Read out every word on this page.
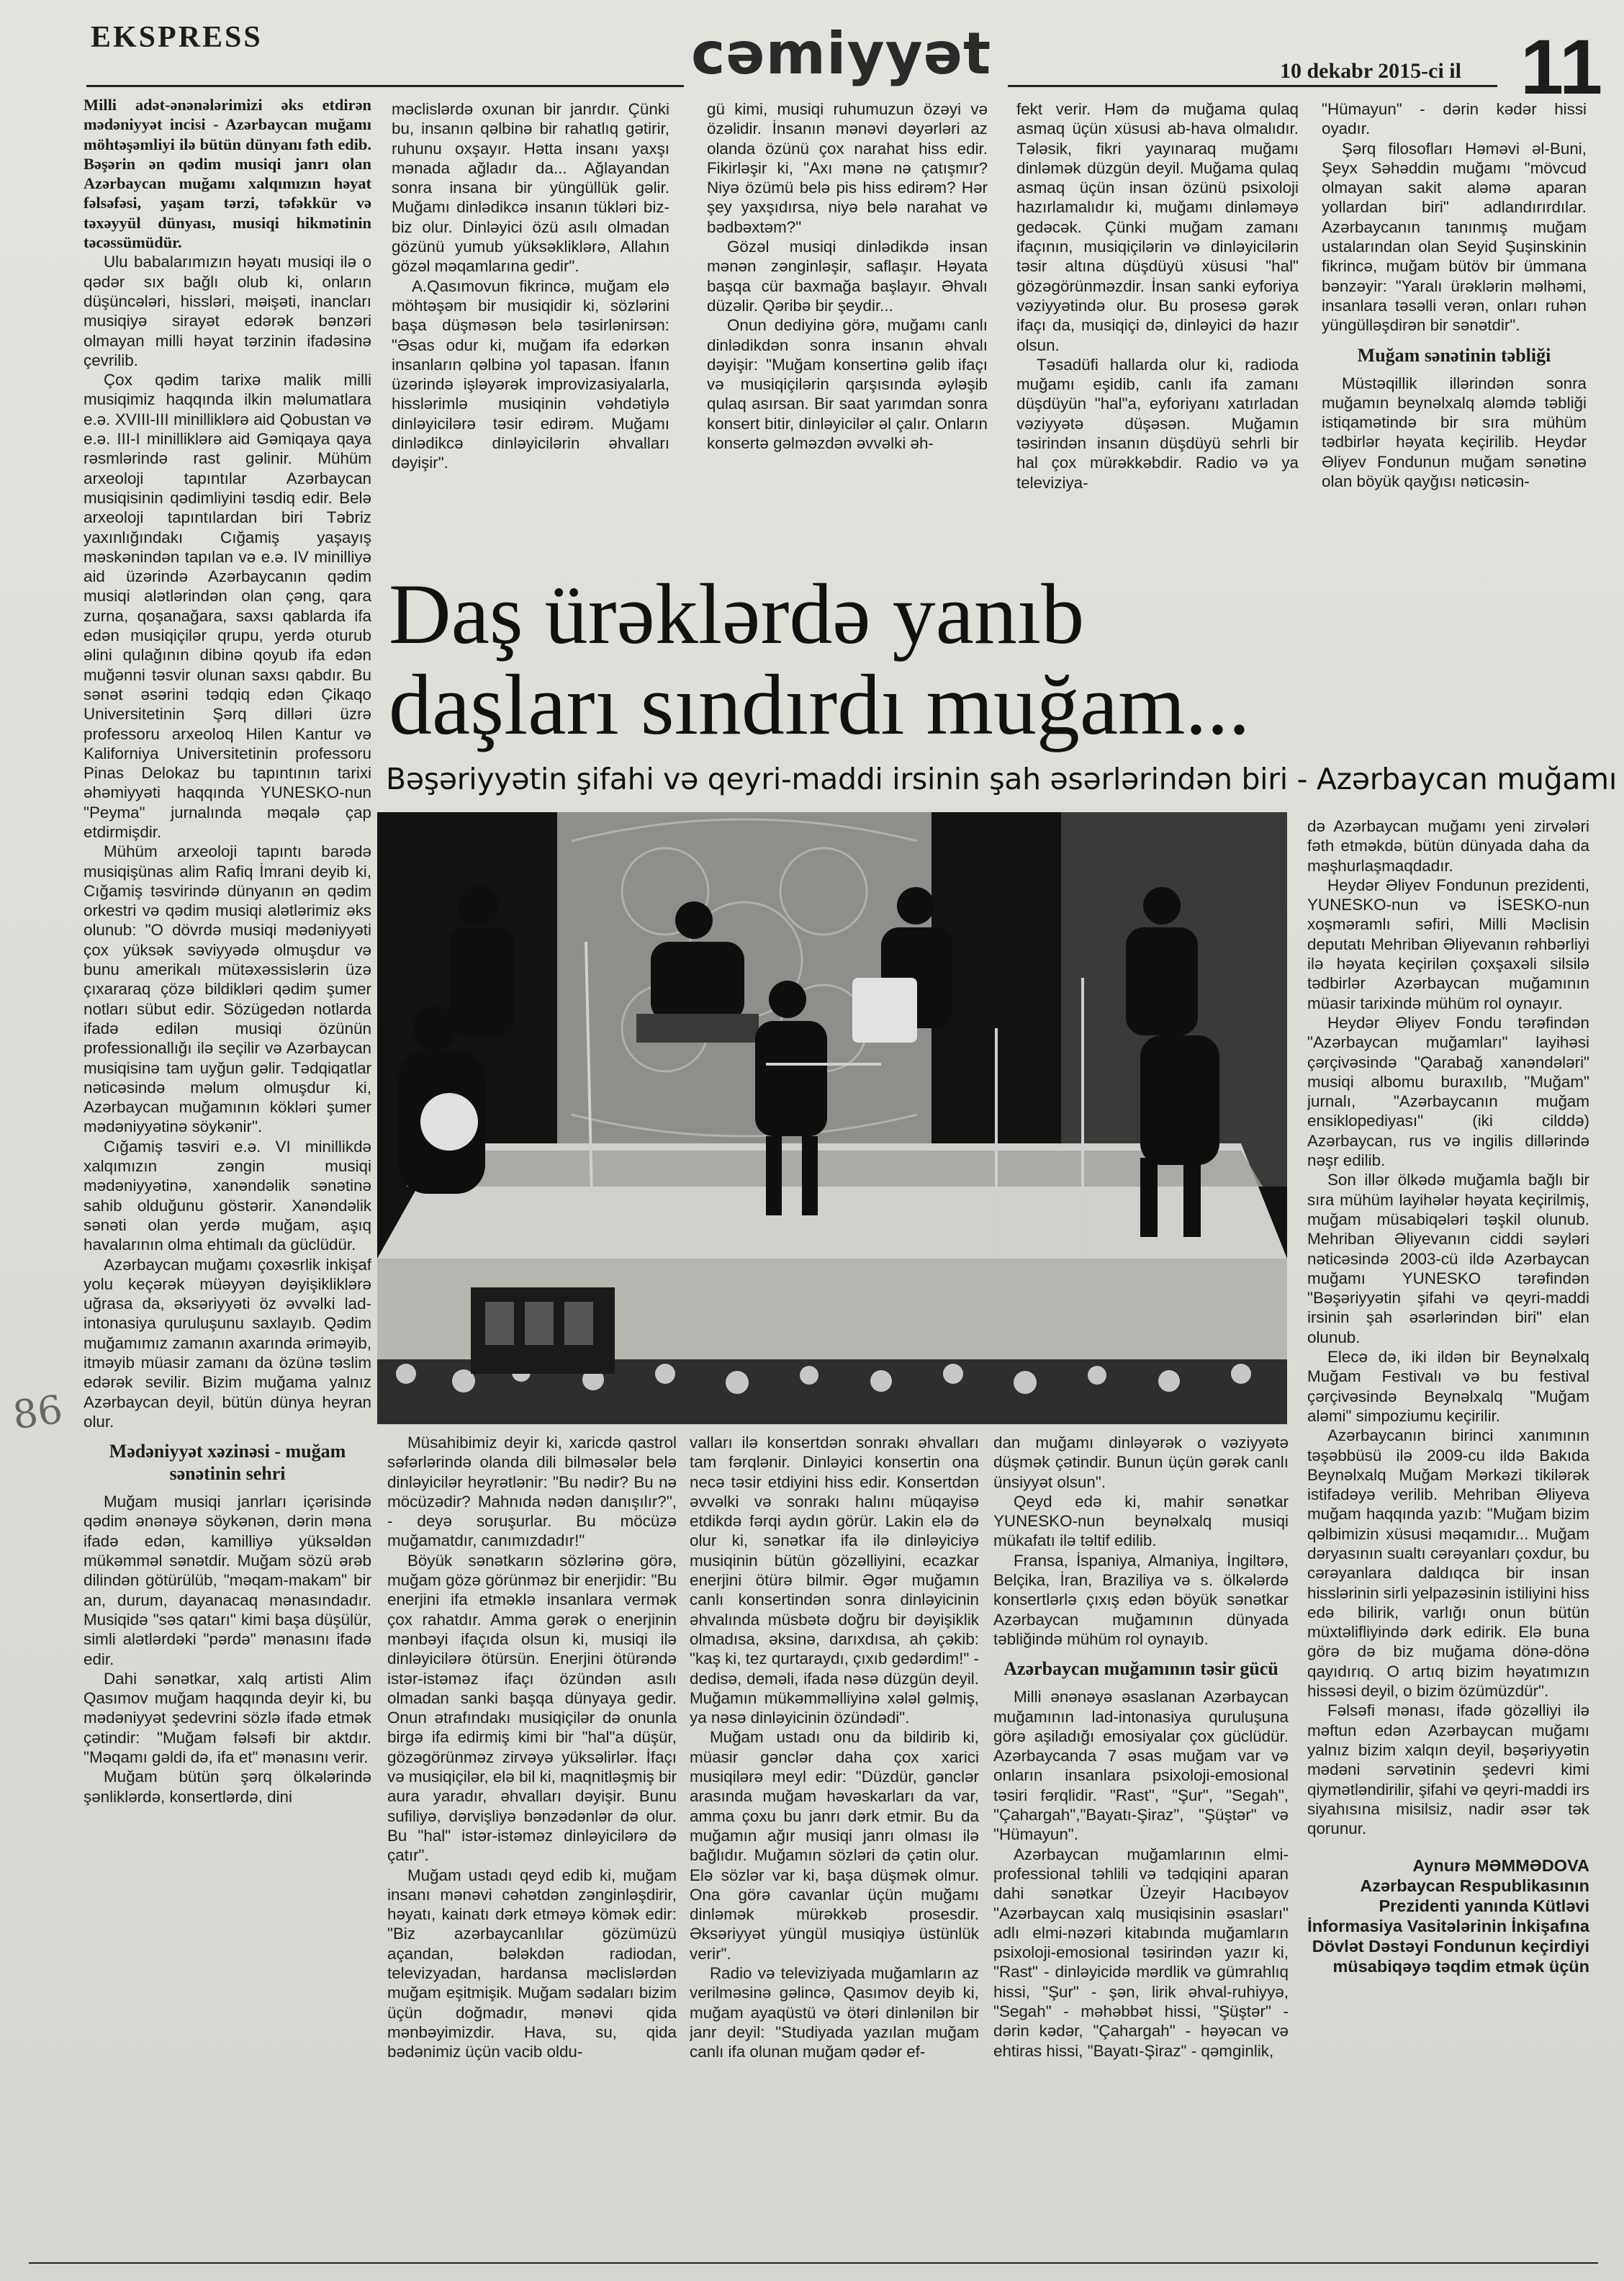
EKSPRESS	cəmiyyət	10 dekabr 2015-ci il 11
Milli adət-ənənələrimizi əks etdirən mədəniyyət incisi - Azərbaycan muğamı möhtəşəmliyi ilə bütün dünyanı fəth edib. Bəşərin ən qədim musiqi janrı olan Azərbaycan muğamı xalqımızın həyat fəlsəfəsi, yaşam tərzi, təfəkkür və təxəyyül dünyası, musiqi hikmətinin təcəssümüdür.

Ulu babalarımızın həyatı musiqi ilə o qədər sıx bağlı olub ki, onların düşüncələri, hissləri, məişəti, inancları musiqiyə sirayət edərək bənzəri olmayan milli həyat tərzinin ifadəsinə çevrilib.

Çox qədim tarixə malik milli musiqimiz haqqında ilkin məlumatlara e.ə. XVIII-III minilliklərə aid Qobustan və e.ə. III-I minilliklərə aid Gəmiqaya qaya rəsmlərində rast gəlinir. Mühüm arxeoloji tapıntılar Azərbaycan musiqisinin qədimliyini təsdiq edir. Belə arxeoloji tapıntılardan biri Təbriz yaxınlığındakı Cığamiş yaşayış məskənindən tapılan və e.ə. IV minilliyə aid üzərində Azərbaycanın qədim musiqi alətlərindən olan çəng, qara zurna, qoşanağara, saxsı qablarda ifa edən musiqiçilər qrupu, yerdə oturub əlini qulağının dibinə qoyub ifa edən muğənni təsvir olunan saxsı qabdır. Bu sənət əsərini tədqiq edən Çikaqo Universitetinin Şərq dilləri üzrə professoru arxeoloq Hilen Kantur və Kaliforniya Universitetinin professoru Pinas Delokaz bu tapıntının tarixi əhəmiyyəti haqqında YUNESKO-nun "Peyma" jurnalında məqalə çap etdirmişdir.

Mühüm arxeoloji tapıntı barədə musiqişünas alim Rafiq İmrani deyib ki, Cığamiş təsvirində dünyanın ən qədim orkestri və qədim musiqi alətlərimiz əks olunub: "O dövrdə musiqi mədəniyyəti çox yüksək səviyyədə olmuşdur və bunu amerikalı mütəxəssislərin üzə çıxararaq çözə bildikləri qədim şumer notları sübut edir. Sözügedən notlarda ifadə edilən musiqi özünün professionallığı ilə seçilir və Azərbaycan musiqisinə tam uyğun gəlir. Tədqiqatlar nəticəsində məlum olmuşdur ki, Azərbaycan muğamının kökləri şumer mədəniyyətinə söykənir".

Cığamiş təsviri e.ə. VI minillikdə xalqımızın zəngin musiqi mədəniyyətinə, xanəndəlik sənətinə sahib olduğunu göstərir. Xanəndəlik sənəti olan yerdə muğam, aşıq havalarının olma ehtimalı da güclüdür.

Azərbaycan muğamı çoxəsrlik inkişaf yolu keçərək müəyyən dəyişikliklərə uğrasa da, əksəriyyəti öz əvvəlki lad-intonasiya quruluşunu saxlayıb. Qədim muğamımız zamanın axarında əriməyib, itməyib müasir zamanı da özünə təslim edərək sevilir. Bizim muğama yalnız Azərbaycan deyil, bütün dünya heyran olur.

Mədəniyyət xəzinəsi - muğam sənətinin sehri

Muğam musiqi janrları içərisində qədim ənənəyə söykənən, dərin məna ifadə edən, kamilliyə yüksəldən mükəmməl sənətdir. Muğam sözü ərəb dilindən götürülüb, "məqam-makam" bir an, durum, dayanacaq mənasındadır. Musiqidə "səs qatarı" kimi başa düşülür, simli alətlərdəki "pərdə" mənasını ifadə edir.

Dahi sənətkar, xalq artisti Alim Qasımov muğam haqqında deyir ki, bu mədəniyyət şedevrini sözlə ifadə etmək çətindir: "Muğam fəlsəfi bir aktdır. "Məqamı gəldi də, ifa et" mənasını verir.

Muğam bütün şərq ölkələrində şənliklərdə, konsertlərdə, dini

məclislərdə oxunan bir janrdır. Çünki bu, insanın qəlbinə bir rahatlıq gətirir, ruhunu oxşayır. Həttа insanı yaxşı mənada ağladır da... Ağlayandan sonra insana bir yüngüllük gəlir. Muğamı dinlədikcə insanın tükləri biz-biz olur. Dinləyici özü asılı olmadan gözünü yumub yüksəkliklərə, Allahın gözəl məqamlarına gedir".

A.Qasımovun fikrincə, muğam elə möhtəşəm bir musiqidir ki, sözlərini başa düşməsən belə təsirlənirsən: "Əsas odur ki, muğam ifa edərkən insanların qəlbinə yol tapasan. İfanın üzərində işləyərək improvizasiyalarla, hisslərimlə musiqinin vəhdətiylə dinləyicilərə təsir edirəm. Muğamı dinlədikcə dinləyicilərin əhvalları dəyişir".

gü kimi, musiqi ruhumuzun özəyi və özəlidir. İnsanın mənəvi dəyərləri az olanda özünü çox narahat hiss edir. Fikirləşir ki, "Axı mənə nə çatışmır? Niyə özümü belə pis hiss edirəm? Hər şey yaxşıdırsa, niyə belə narahat və bədbəxtəm?"

Gözəl musiqi dinlədikdə insan mənən zənginləşir, saflaşır. Həyata başqa cür baxmağa başlayır. Əhvalı düzəlir. Qəribə bir şeydir...

Onun dediyinə görə, muğamı canlı dinlədikdən sonra insanın əhvalı dəyişir: "Muğam konsertinə gəlib ifaçı və musiqiçilərin qarşısında əyləşib qulaq asırsan. Bir saat yarımdan sonra konsert bitir, dinləyicilər əl çalır. Onların konsertə gəlməzdən əvvəlki əh-

fekt verir. Həm də muğama qulaq asmaq üçün xüsusi ab-hava olmalıdır. Tələsik, fikri yayınaraq muğamı dinləmək düzgün deyil. Muğama qulaq asmaq üçün insan özünü psixoloji hazırlamalıdır ki, muğamı dinləməyə gedəcək. Çünki muğam zamanı ifaçının, musiqiçilərin və dinləyicilərin təsir altına düşdüyü xüsusi "hal" gözəgörünməzdir. İnsan sanki eyforiya vəziyyətində olur. Bu prosesə gərək ifaçı da, musiqiçi də, dinləyici də hazır olsun.

Təsadüfi hallarda olur ki, radioda muğamı eşidib, canlı ifa zamanı düşdüyün "hal"a, eyforiyanı xatırladan vəziyyətə düşəsən. Muğamın təsirindən insanın düşdüyü sehrli bir hal çox mürəkkəbdir. Radio və ya televiziya-

"Hümayun" - dərin kədər hissi oyadır.

Şərq filosofları Həməvi əl-Buni, Şeyx Səhəddin muğamı "mövcud olmayan sakit aləmə aparan yollardan biri" adlandırırdılar. Azərbaycanın tanınmış muğam ustalarından olan Seyid Şuşinskinin fikrincə, muğam bütöv bir ümmana bənzəyir: "Yaralı ürəklərin məlhəmi, insanlara təsəlli verən, onları ruhən yüngülləşdirən bir sənətdir".

Muğam sənətinin təbliği

Müstəqillik illərindən sonra muğamın beynəlxalq aləmdə təbliği istiqamətində bir sıra mühüm tədbirlər həyata keçirilib. Heydər Əliyev Fondunun muğam sənətinə olan böyük qayğısı nəticəsin-

Daş ürəklərdə yanıb
daşları sındırdı muğam...
Bəşəriyyətin şifahi və qeyri-maddi irsinin şah əsərlərindən biri - Azərbaycan muğamı

də Azərbaycan muğamı yeni zirvələri fəth etməkdə, bütün dünyada daha da məşhurlaşmaqdadır.

Heydər Əliyev Fondunun prezidenti, YUNESKO-nun və İSESKO-nun xoşməramlı səfiri, Milli Məclisin deputatı Mehriban Əliyevanın rəhbərliyi ilə həyata keçirilən çoxşaxəli silsilə tədbirlər Azərbaycan muğamının müasir tarixində mühüm rol oynayır.

Heydər Əliyev Fondu tərəfindən "Azərbaycan muğamları" layihəsi çərçivəsində "Qarabağ xanəndələri" musiqi albomu buraxılıb, "Muğam" jurnalı, "Azərbaycanın muğam ensiklopediyası" (iki cilddə) Azərbaycan, rus və ingilis dillərində nəşr edilib.

Son illər ölkədə muğamla bağlı bir sıra mühüm layihələr həyata keçirilmiş, muğam müsabiqələri təşkil olunub. Mehriban Əliyevanın ciddi səyləri nəticəsində 2003-cü ildə Azərbaycan muğamı YUNESKO tərəfindən "Bəşəriyyətin şifahi və qeyri-maddi irsinin şah əsərlərindən biri" elan olunub.

Elecə də, iki ildən bir Beynəlxalq Muğam Festivalı və bu festival çərçivəsində Beynəlxalq "Muğam aləmi" simpoziumu keçirilir.

Azərbaycanın birinci xanımının təşəbbüsü ilə 2009-cu ildə Bakıda Beynəlxalq Muğam Mərkəzi tikilərək istifadəyə verilib. Mehriban Əliyeva muğam haqqında yazıb: "Muğam bizim qəlbimizin xüsusi məqamıdır... Muğam dəryasının sualtı cərəyanları çoxdur, bu cərəyanlara daldıqca bir insan hisslərinin sirli yelpazəsinin istiliyini hiss edə bilirik, varlığı onun bütün müxtəlifliyində dərk edirik. Elə buna görə də biz muğama dönə-dönə qayıdırıq. O artıq bizim həyatımızın hissəsi deyil, o bizim özümüzdür".

Fəlsəfi mənası, ifadə gözəlliyi ilə məftun edən Azərbaycan muğamı yalnız bizim xalqın deyil, bəşəriyyətin mədəni sərvətinin şedevri kimi qiymətləndirilir, şifahi və qeyri-maddi irs siyahısına misilsiz, nadir əsər tək qorunur.

Aynurə MƏMMƏDOVA
Azərbaycan Respublikasının Prezidenti yanında Kütləvi İnformasiya Vasitələrinin İnkişafına Dövlət Dəstəyi Fondunun keçirdiyi müsabiqəyə təqdim etmək üçün

Müsahibimiz deyir ki, xaricdə qastrol səfərlərində olanda dili bilməsələr belə dinləyicilər heyrətlənir: "Bu nədir? Bu nə möcüzədir? Mahnıda nədən danışılır?", - deyə soruşurlar. Bu möcüzə muğamatdır, canımızdadır!"

Böyük sənətkarın sözlərinə görə, muğam gözə görünməz bir enerjidir: "Bu enerjini ifa etməklə insanlara vermək çox rahatdır. Amma gərək o enerjinin mənbəyi ifaçıda olsun ki, musiqi ilə dinləyicilərə ötürsün. Enerjini ötürəndə istər-istəməz ifaçı özündən asılı olmadan sanki başqa dünyaya gedir. Onun ətrafındakı musiqiçilər də onunla birgə ifa edirmiş kimi bir "hal"a düşür, gözəgörünməz zirvəyə yüksəlirlər. İfaçı və musiqiçilər, elə bil ki, maqnitləşmiş bir aura yaradır, əhvalları dəyişir. Bunu sufiliyə, dərvişliyə bənzədənlər də olur. Bu "hal" istər-istəməz dinləyicilərə də çatır".

Muğam ustadı qeyd edib ki, muğam insanı mənəvi cəhətdən zənginləşdirir, həyatı, kainatı dərk etməyə kömək edir: "Biz azərbaycanlılar gözümüzü açandan, bələkdən radiodan, televizyadan, hardansa məclislərdən muğam eşitmişik. Muğam sədaları bizim üçün doğmadır, mənəvi qida mənbəyimizdir. Hava, su, qida bədənimiz üçün vacib oldu-

valları ilə konsertdən sonrakı əhvalları tam fərqlənir. Dinləyici konsertin ona necə təsir etdiyini hiss edir. Konsertdən əvvəlki və sonrakı halını müqayisə etdikdə fərqi aydın görür. Lakin elə də olur ki, sənətkar ifa ilə dinləyiciyə musiqinin bütün gözəlliyini, ecazkar enerjini ötürə bilmir. Əgər muğamın canlı konsertindən sonra dinləyicinin əhvalında müsbətə doğru bir dəyişiklik olmadısa, əksinə, darıxdısa, ah çəkib: "kaş ki, tez qurtaraydı, çıxıb gedərdim!" - dedisə, deməli, ifada nəsə düzgün deyil. Muğamın mükəmməlliyinə xələl gəlmiş, ya nəsə dinləyicinin özündədi".

Muğam ustadı onu da bildirib ki, müasir gənclər daha çox xarici musiqilərə meyl edir: "Düzdür, gənclər arasında muğam həvəskarları da var, amma çoxu bu janrı dərk etmir. Bu da muğamın ağır musiqi janrı olması ilə bağlıdır. Muğamın sözləri də çətin olur. Elə sözlər var ki, başa düşmək olmur. Ona görə cavanlar üçün muğamı dinləmək mürəkkəb prosesdir. Əksəriyyət yüngül musiqiyə üstünlük verir".

Radio və televiziyada muğamların az verilməsinə gəlincə, Qasımov deyib ki, muğam ayaqüstü və ötəri dinlənilən bir janr deyil: "Studiyada yazılan muğam canlı ifa olunan muğam qədər ef-

dan muğamı dinləyərək o vəziyyətə düşmək çətindir. Bunun üçün gərək canlı ünsiyyət olsun".

Qeyd edə ki, mahir sənətkar YUNESKO-nun beynəlxalq musiqi mükafatı ilə təltif edilib.

Fransa, İspaniya, Almaniya, İngiltərə, Belçika, İran, Braziliya və s. ölkələrdə konsertlərlə çıxış edən böyük sənətkar Azərbaycan muğamının dünyada təbliğində mühüm rol oynayıb.

Azərbaycan muğamının təsir gücü

Milli ənənəyə əsaslanan Azərbaycan muğamının lad-intonasiya quruluşuna görə aşiladığı emosiyalar çox güclüdür. Azərbaycanda 7 əsas muğam var və onların insanlara psixoloji-emosional təsiri fərqlidir. "Rast", "Şur", "Segah", "Çahargah","Bayatı-Şiraz", "Şüştər" və "Hümayun".

Azərbaycan muğamlarının elmi-professional təhlili və tədqiqini aparan dahi sənətkar Üzeyir Hacıbəyov "Azərbaycan xalq musiqisinin əsasları" adlı elmi-nəzəri kitabında muğamların psixoloji-emosional təsirindən yazır ki, "Rast" - dinləyicidə mərdlik və gümrahlıq hissi, "Şur" - şən, lirik əhval-ruhiyyə, "Segah" - məhəbbət hissi, "Şüştər" - dərin kədər, "Çahargah" - həyəcan və ehtiras hissi, "Bayatı-Şiraz" - qəmginlik,

86
